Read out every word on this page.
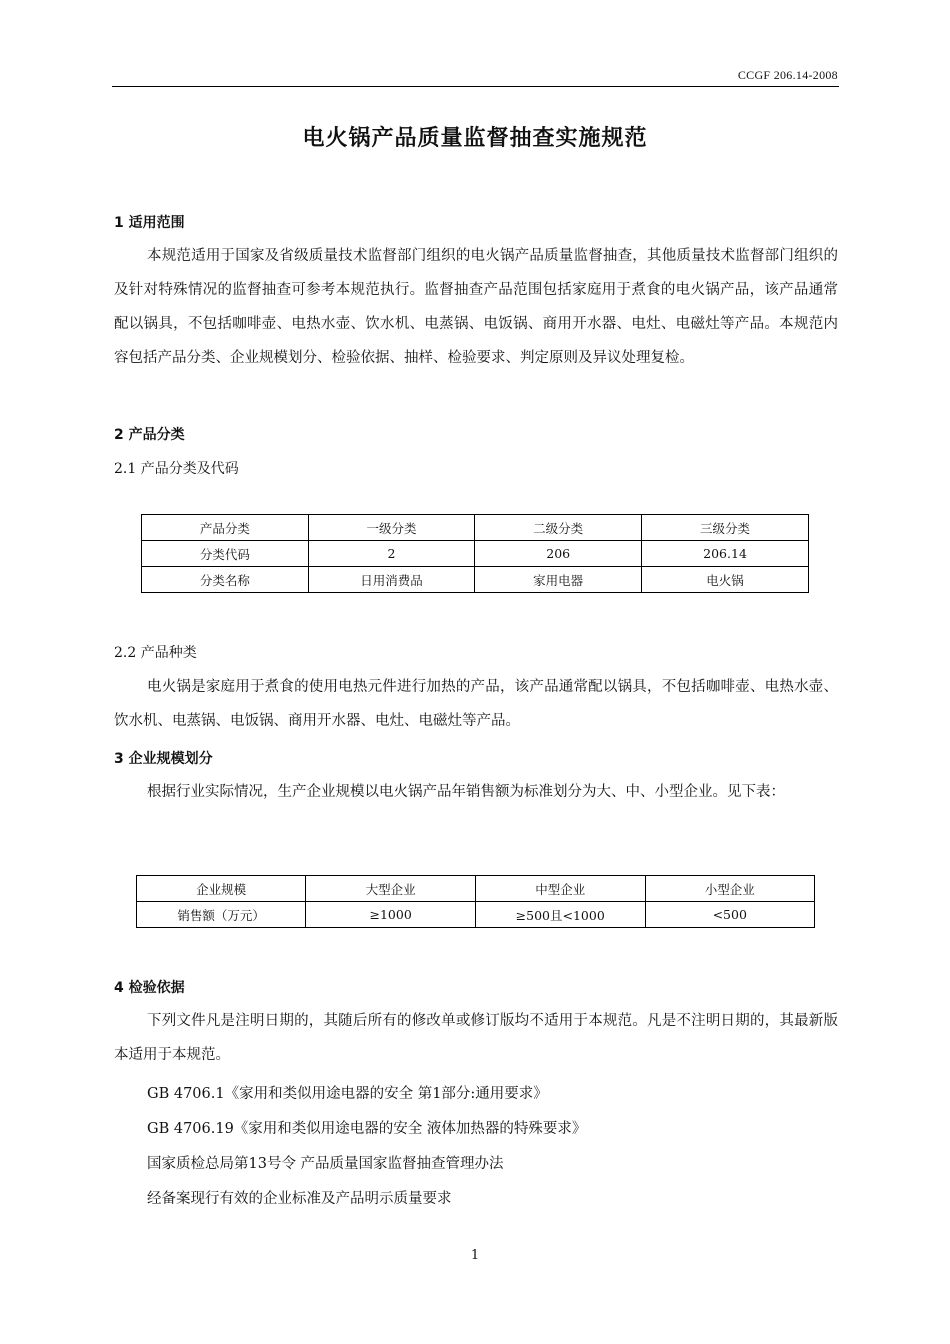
CCGF 206.14-2008
电火锅产品质量监督抽查实施规范
1 适用范围
本规范适用于国家及省级质量技术监督部门组织的电火锅产品质量监督抽查，其他质量技术监督部门组织的及针对特殊情况的监督抽查可参考本规范执行。监督抽查产品范围包括家庭用于煮食的电火锅产品，该产品通常配以锅具，不包括咖啡壶、电热水壶、饮水机、电蒸锅、电饭锅、商用开水器、电灶、电磁灶等产品。本规范内容包括产品分类、企业规模划分、检验依据、抽样、检验要求、判定原则及异议处理复检。
2 产品分类
2.1 产品分类及代码
产品分类	一级分类	二级分类	三级分类
分类代码	2	206	206.14
分类名称	日用消费品	家用电器	电火锅
2.2 产品种类
电火锅是家庭用于煮食的使用电热元件进行加热的产品，该产品通常配以锅具，不包括咖啡壶、电热水壶、饮水机、电蒸锅、电饭锅、商用开水器、电灶、电磁灶等产品。
3 企业规模划分
根据行业实际情况，生产企业规模以电火锅产品年销售额为标准划分为大、中、小型企业。见下表：
企业规模	大型企业	中型企业	小型企业
销售额（万元）	≥1000	≥500且<1000	<500
4 检验依据
下列文件凡是注明日期的，其随后所有的修改单或修订版均不适用于本规范。凡是不注明日期的，其最新版本适用于本规范。
GB 4706.1《家用和类似用途电器的安全 第1部分:通用要求》
GB 4706.19《家用和类似用途电器的安全 液体加热器的特殊要求》
国家质检总局第13号令 产品质量国家监督抽查管理办法
经备案现行有效的企业标准及产品明示质量要求
1
